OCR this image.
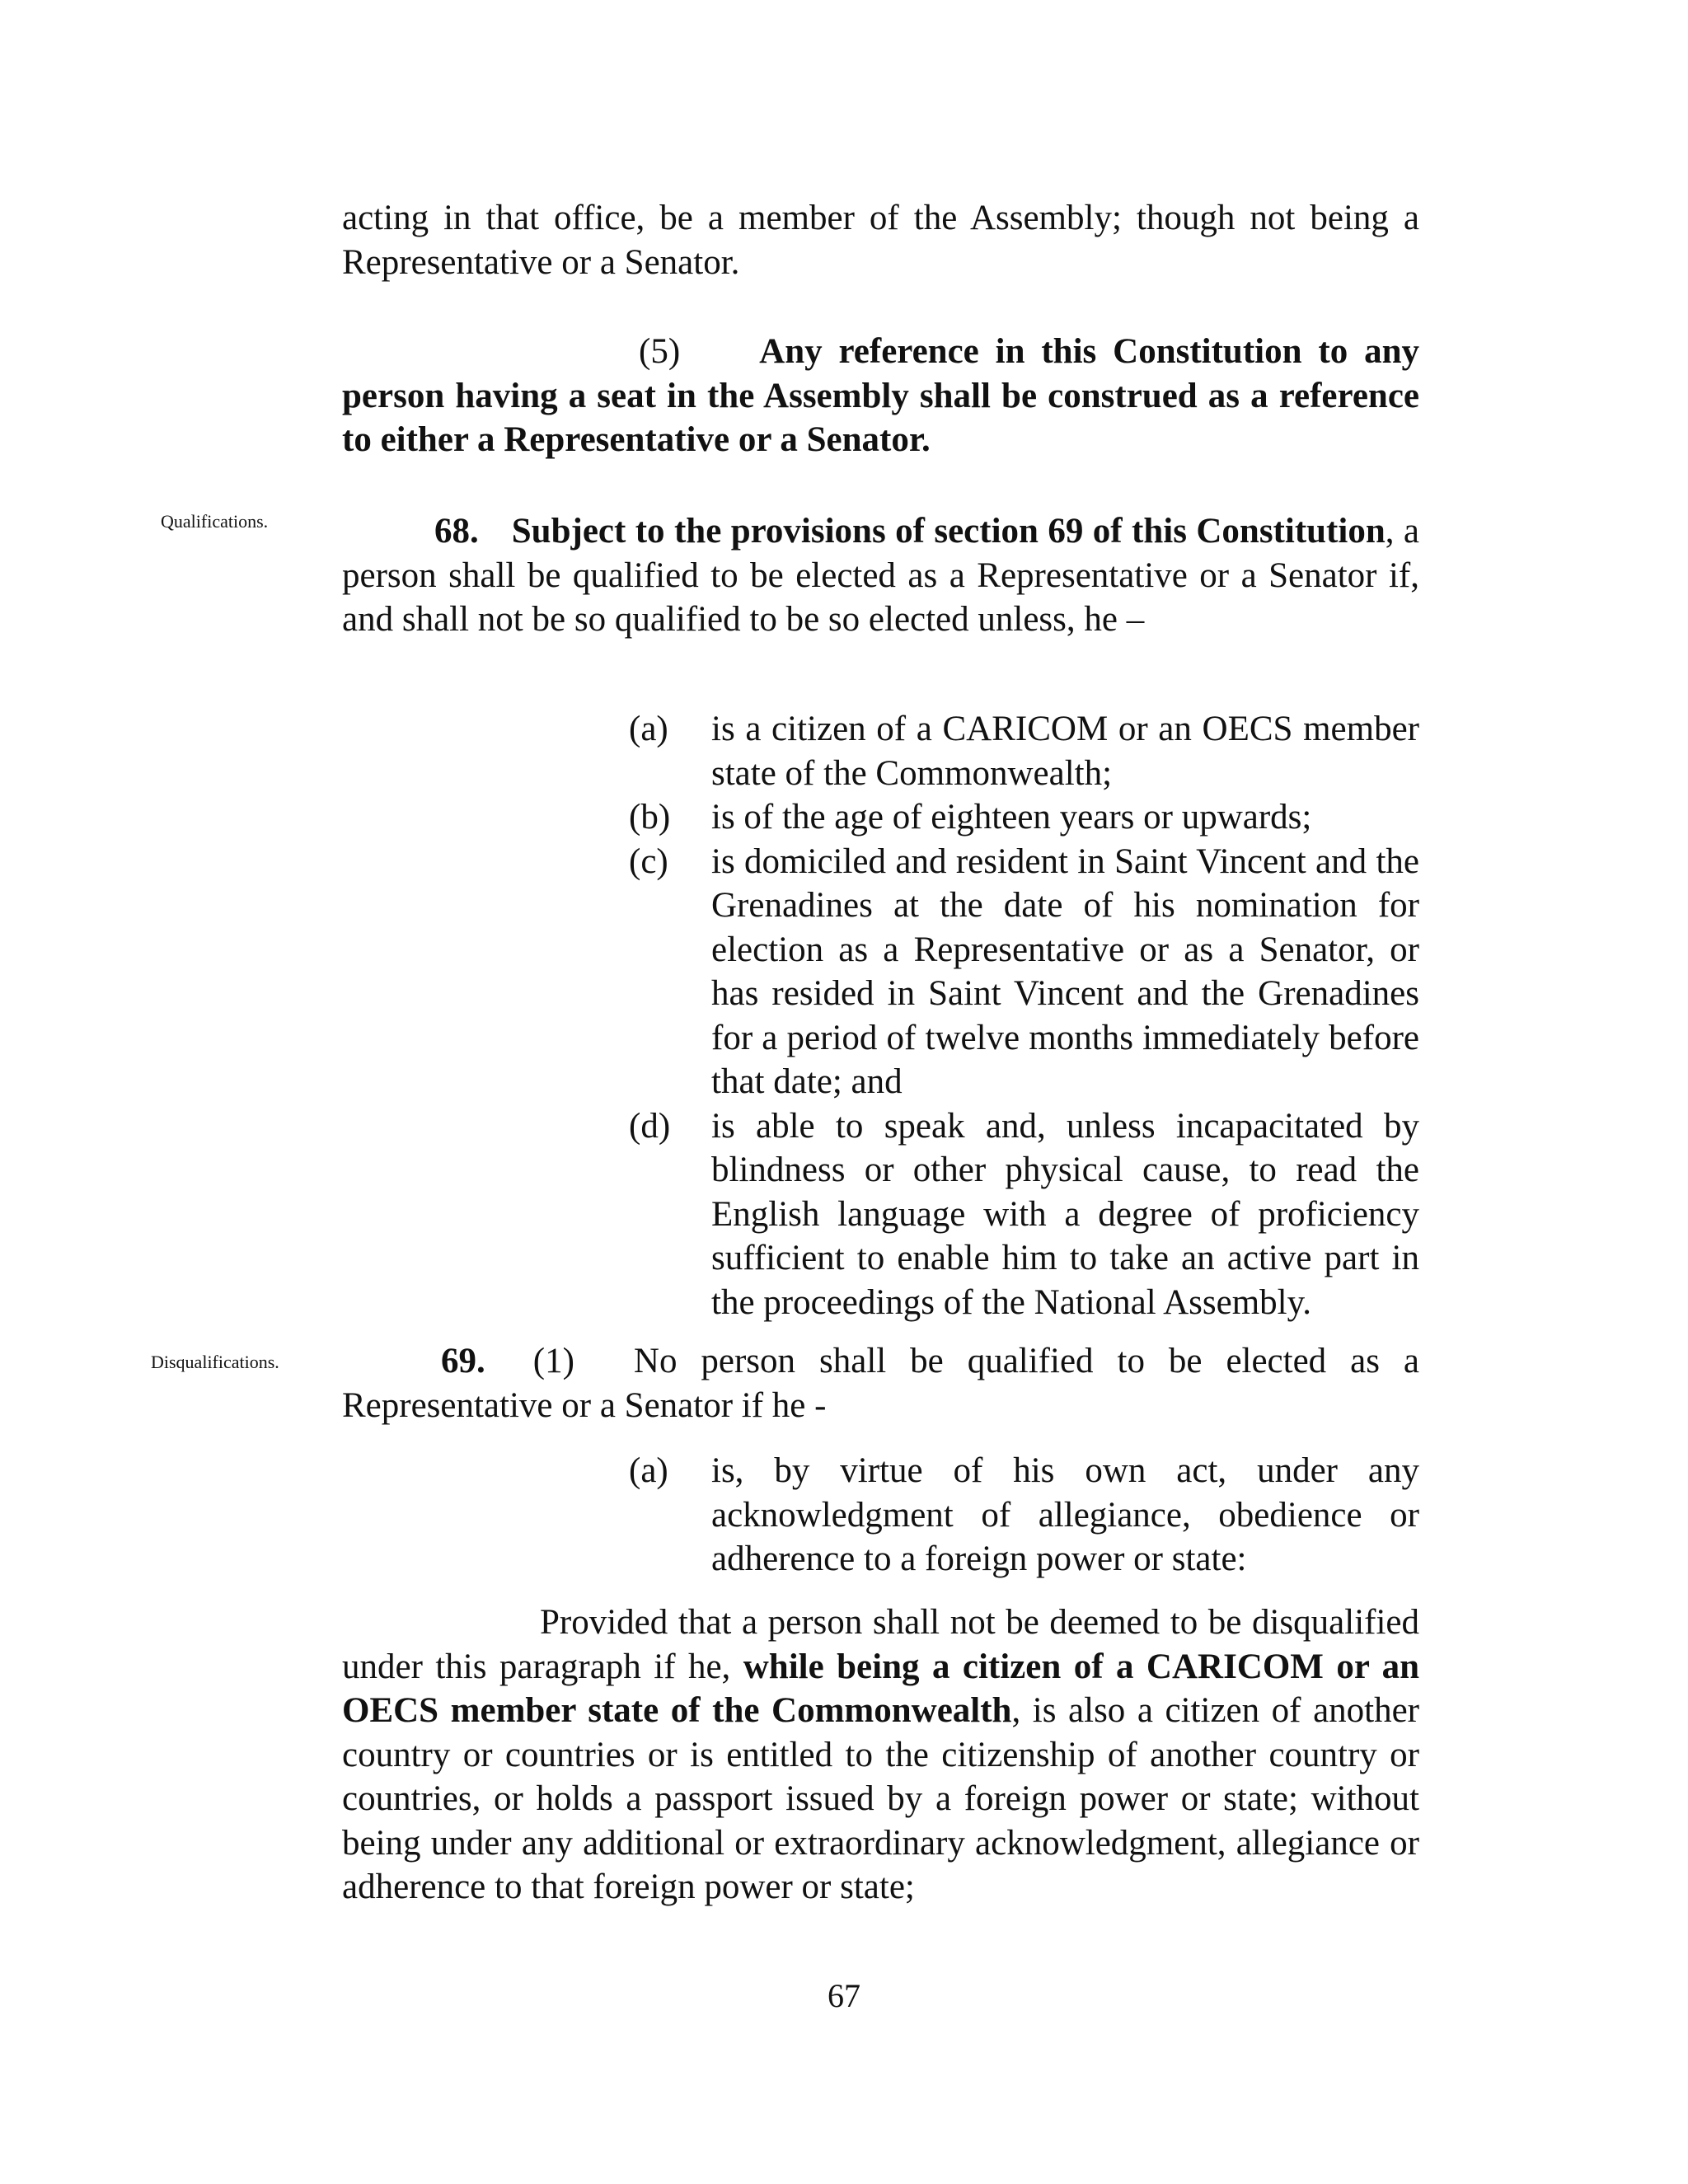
acting in that office, be a member of the Assembly; though not being a Representative or a Senator.

(5) Any reference in this Constitution to any person having a seat in the Assembly shall be construed as a reference to either a Representative or a Senator.

Qualifications.	68. Subject to the provisions of section 69 of this Constitution, a person shall be qualified to be elected as a Representative or a Senator if, and shall not be so qualified to be so elected unless, he –

(a) is a citizen of a CARICOM or an OECS member state of the Commonwealth;
(b) is of the age of eighteen years or upwards;
(c) is domiciled and resident in Saint Vincent and the Grenadines at the date of his nomination for election as a Representative or as a Senator, or has resided in Saint Vincent and the Grenadines for a period of twelve months immediately before that date; and
(d) is able to speak and, unless incapacitated by blindness or other physical cause, to read the English language with a degree of proficiency sufficient to enable him to take an active part in the proceedings of the National Assembly.
Disqualifications.	69. (1) No person shall be qualified to be elected as a Representative or a Senator if he -

(a) is, by virtue of his own act, under any acknowledgment of allegiance, obedience or adherence to a foreign power or state:

Provided that a person shall not be deemed to be disqualified under this paragraph if he, while being a citizen of a CARICOM or an OECS member state of the Commonwealth, is also a citizen of another country or countries or is entitled to the citizenship of another country or countries, or holds a passport issued by a foreign power or state; without being under any additional or extraordinary acknowledgment, allegiance or adherence to that foreign power or state;

67
